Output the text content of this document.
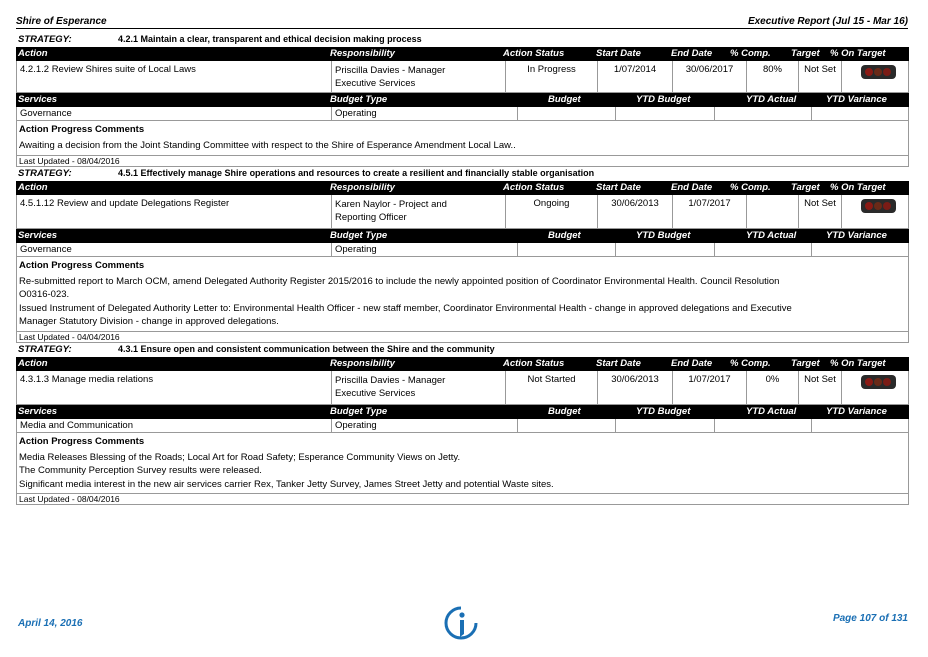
Shire of Esperance	Executive Report (Jul 15 - Mar 16)
STRATEGY:	4.2.1 Maintain a clear, transparent and ethical decision making process
Action	Responsibility	Action Status	Start Date	End Date % Comp. Target % On Target
4.2.1.2 Review Shires suite of Local Laws	Priscilla Davies - Manager
Executive Services
In Progress	1/07/2014	30/06/2017	80%	Not Set
Services	Budget Type	Budget	YTD Budget	YTD Actual	YTD Variance
Governance	Operating
Action Progress Comments
Awaiting a decision from the Joint Standing Committee with respect to the Shire of Esperance Amendment Local Law..
Last Updated - 08/04/2016
STRATEGY:	4.5.1 Effectively manage Shire operations and resources to create a resilient and financially stable organisation
Action	Responsibility	Action Status	Start Date	End Date % Comp. Target % On Target
4.5.1.12 Review and update Delegations Register	Karen Naylor - Project and
Reporting Officer
Ongoing	30/06/2013	1/07/2017	Not Set
Services	Budget Type	Budget	YTD Budget	YTD Actual	YTD Variance
Governance	Operating
Action Progress Comments
Re-submitted report to March OCM, amend Delegated Authority Register 2015/2016 to include the newly appointed position of Coordinator Environmental Health. Council Resolution
O0316-023.
Issued Instrument of Delegated Authority Letter to: Environmental Health Officer - new staff member, Coordinator Environmental Health - change in approved delegations and Executive
Manager Statutory Division - change in approved delegations.
Last Updated - 04/04/2016
STRATEGY:	4.3.1 Ensure open and consistent communication between the Shire and the community
Action	Responsibility	Action Status	Start Date	End Date % Comp. Target % On Target
4.3.1.3 Manage media relations	Priscilla Davies - Manager
Executive Services
Not Started	30/06/2013	1/07/2017	0%	Not Set
Services	Budget Type	Budget	YTD Budget	YTD Actual	YTD Variance
Media and Communication	Operating
Action Progress Comments
Media Releases Blessing of the Roads; Local Art for Road Safety; Esperance Community Views on Jetty.
The Community Perception Survey results were released.
Significant media interest in the new air services carrier Rex, Tanker Jetty Survey, James Street Jetty and potential Waste sites.
Last Updated - 08/04/2016
April 14, 2016	Page 107 of 131
